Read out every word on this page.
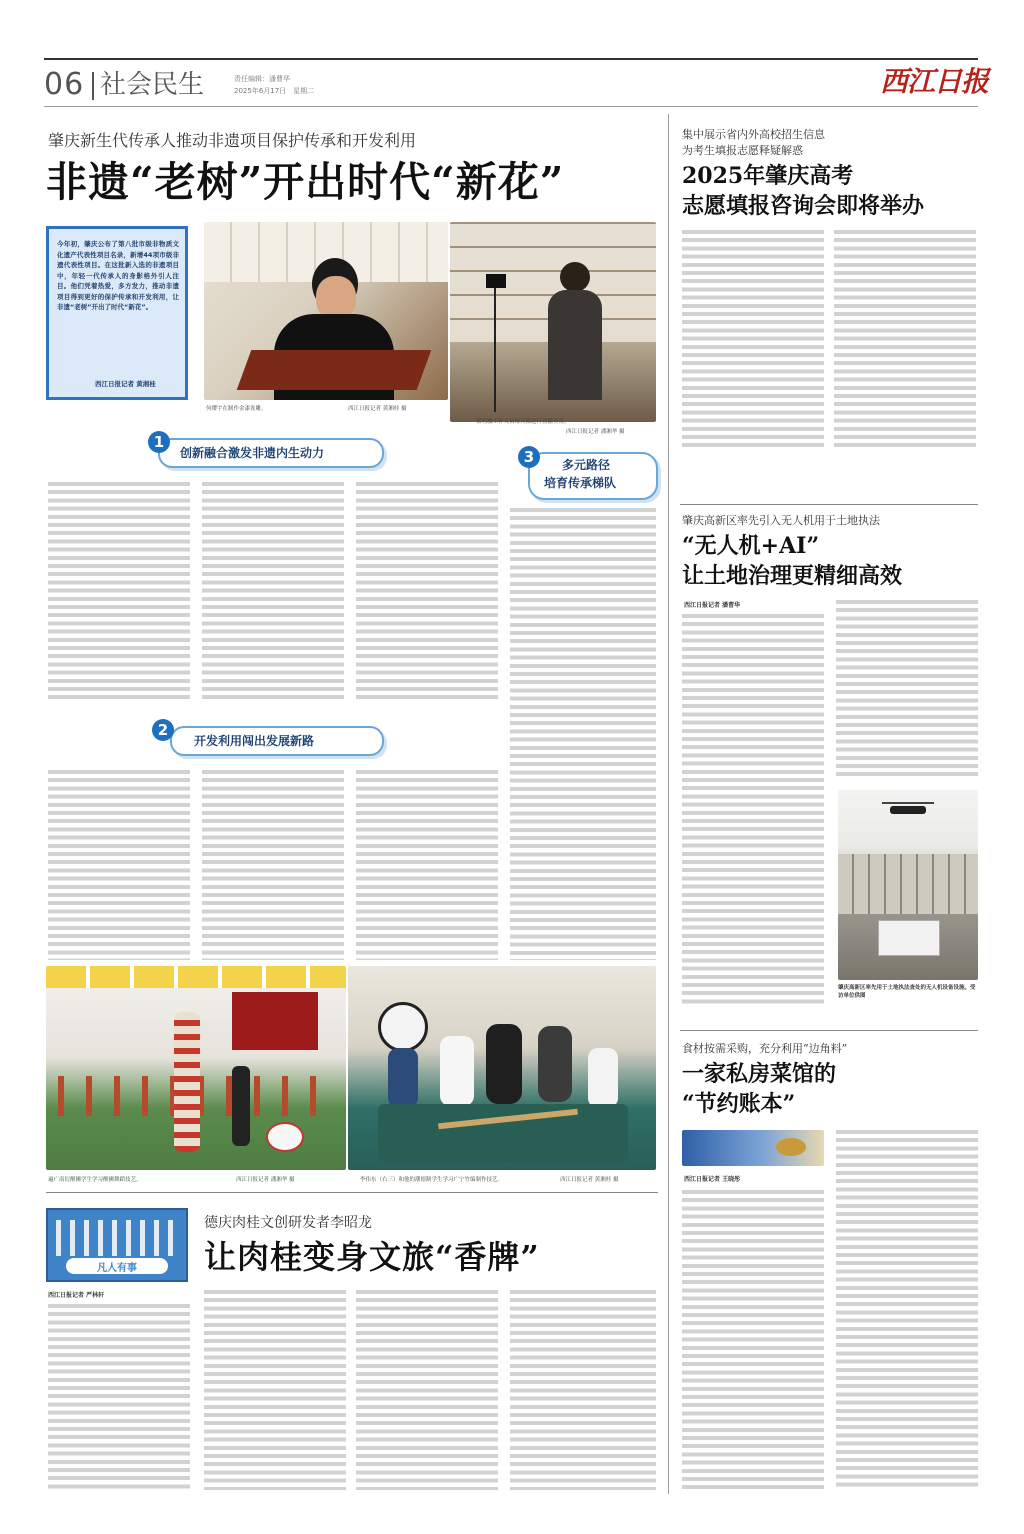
06 社会民生	责任编辑：潘曹华
2025年6月17日　星期二	西江日报
肇庆新生代传承人推动非遗项目保护传承和开发利用
非遗“老树”开出时代“新花”
今年初，肇庆公布了第八批市级非物质文化遗产代表性项目名录，新增44项市级非遗代表性项目。在这批新入选的非遗项目中，年轻一代传承人的身影格外引人注目。他们凭着热爱，多方发力，推动非遗项目得到更好的保护传承和开发利用，让非遗“老树”开出了时代“新花”。
西江日报记者 黄湘桂
何缨宇在制作金漆雀雕。	西江日报记者 黄湘桂 摄
梁明坡工作人员每天都进行直播卖货。
西江日报记者 潘湘华 摄
1
创新融合激发非遗内生动力	3	多元路径
培育传承梯队
2
开发利用闯出发展新路
遍广南衍醒狮学生学习醒狮舞蹈技艺。	西江日报记者 潘湘华 摄	李伟东（右三）和他的潮德制学生学习广宁竹编制作技艺。	西江日报记者 黄湘桂 摄
集中展示省内外高校招生信息
为考生填报志愿释疑解惑
2025年肇庆高考
志愿填报咨询会即将举办
肇庆高新区率先引入无人机用于土地执法
“无人机+AI”
让土地治理更精细高效
西江日报记者 潘曹华
肇庆高新区率先用于土地执法查处的无人机设备设施。受访单位供图
食材按需采购，充分利用“边角料”
一家私房菜馆的
“节约账本”
西江日报记者 王晓彤
凡人有事
西江日报记者 严林轩
德庆肉桂文创研发者李昭龙
让肉桂变身文旅“香牌”
